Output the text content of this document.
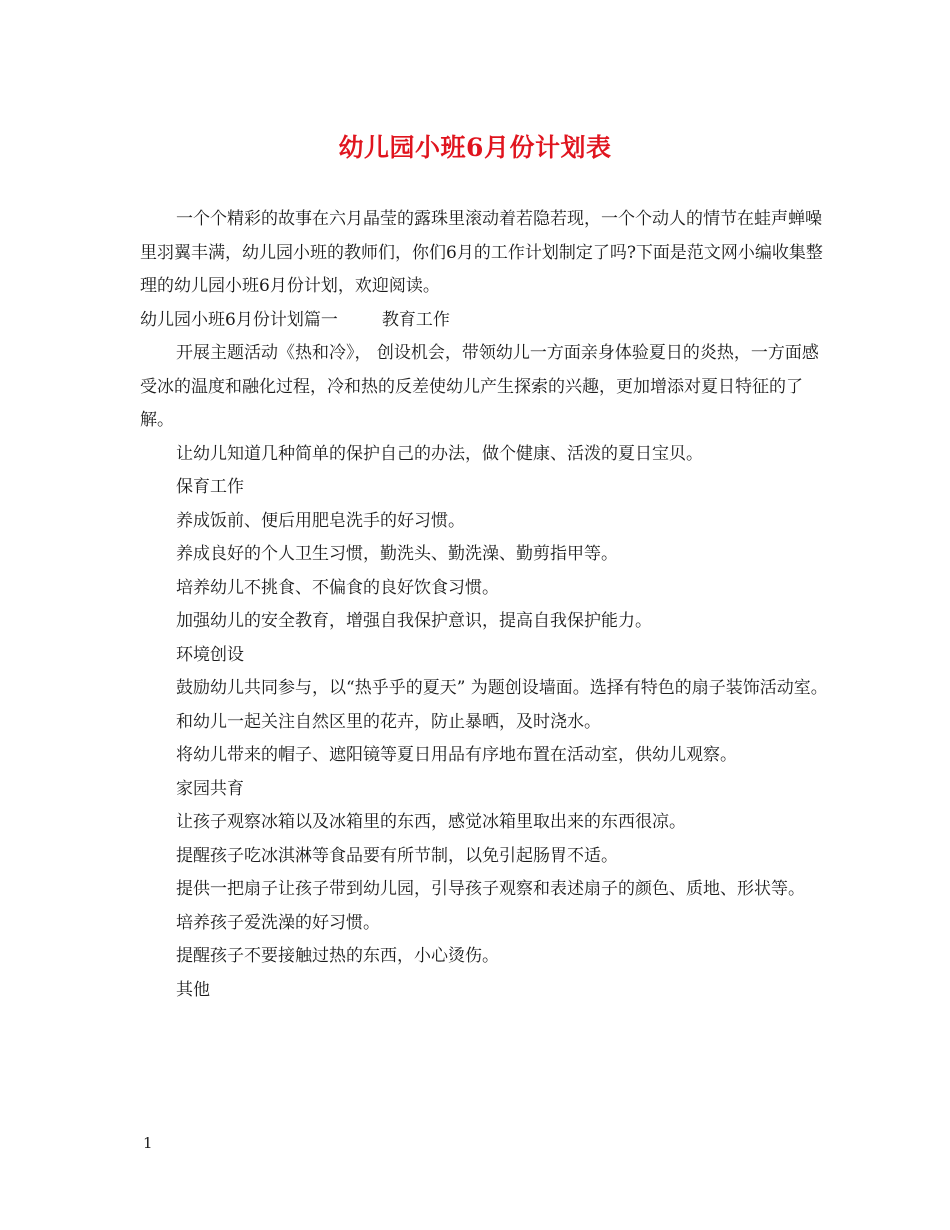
幼儿园小班6月份计划表

一个个精彩的故事在六月晶莹的露珠里滚动着若隐若现，一个个动人的情节在蛙声蝉噪里羽翼丰满，幼儿园小班的教师们，你们6月的工作计划制定了吗?下面是范文网小编收集整理的幼儿园小班6月份计划，欢迎阅读。

幼儿园小班6月份计划篇一	教育工作

开展主题活动《热和冷》， 创设机会，带领幼儿一方面亲身体验夏日的炎热，一方面感受冰的温度和融化过程，冷和热的反差使幼儿产生探索的兴趣，更加增添对夏日特征的了解。

让幼儿知道几种简单的保护自己的办法，做个健康、活泼的夏日宝贝。

保育工作

养成饭前、便后用肥皂洗手的好习惯。

养成良好的个人卫生习惯，勤洗头、勤洗澡、勤剪指甲等。

培养幼儿不挑食、不偏食的良好饮食习惯。

加强幼儿的安全教育，增强自我保护意识，提高自我保护能力。

环境创设

鼓励幼儿共同参与，以“热乎乎的夏天” 为题创设墙面。选择有特色的扇子装饰活动室。

和幼儿一起关注自然区里的花卉，防止暴晒，及时浇水。

将幼儿带来的帽子、遮阳镜等夏日用品有序地布置在活动室，供幼儿观察。

家园共育

让孩子观察冰箱以及冰箱里的东西，感觉冰箱里取出来的东西很凉。

提醒孩子吃冰淇淋等食品要有所节制，以免引起肠胃不适。

提供一把扇子让孩子带到幼儿园，引导孩子观察和表述扇子的颜色、质地、形状等。

培养孩子爱洗澡的好习惯。

提醒孩子不要接触过热的东西，小心烫伤。

其他

1
